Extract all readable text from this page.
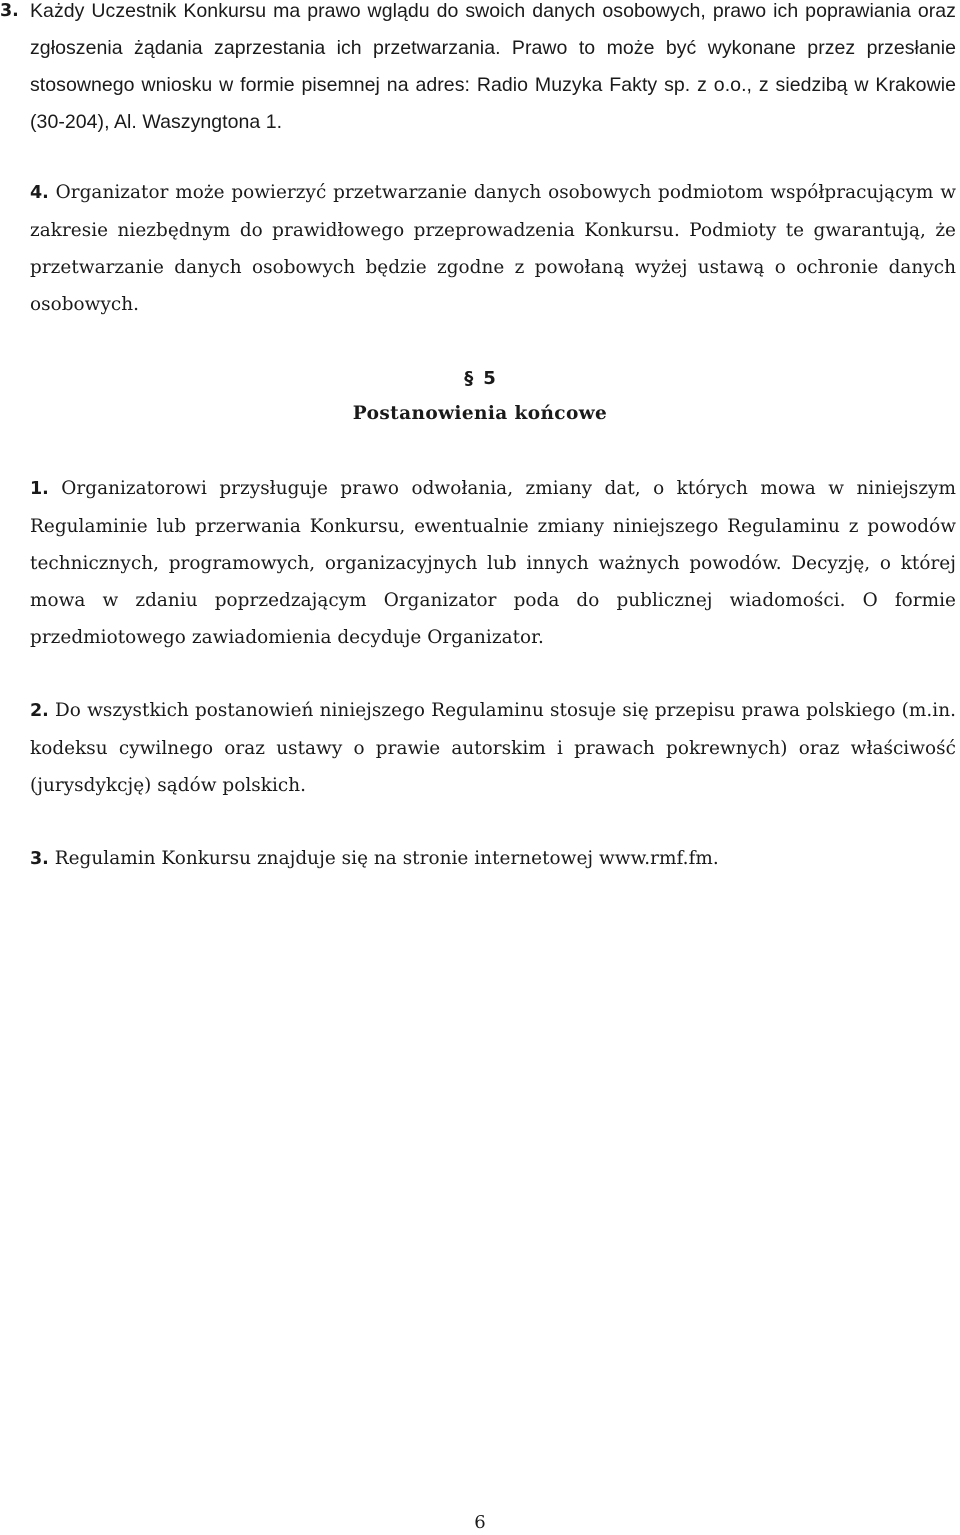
3. Każdy Uczestnik Konkursu ma prawo wglądu do swoich danych osobowych, prawo ich poprawiania oraz zgłoszenia żądania zaprzestania ich przetwarzania. Prawo to może być wykonane przez przesłanie stosownego wniosku w formie pisemnej na adres: Radio Muzyka Fakty sp. z o.o., z siedzibą w Krakowie (30-204), Al. Waszyngtona 1.

4. Organizator może powierzyć przetwarzanie danych osobowych podmiotom współpracującym w zakresie niezbędnym do prawidłowego przeprowadzenia Konkursu. Podmioty te gwarantują, że przetwarzanie danych osobowych będzie zgodne z powołaną wyżej ustawą o ochronie danych osobowych.

§ 5
Postanowienia końcowe

1. Organizatorowi przysługuje prawo odwołania, zmiany dat, o których mowa w niniejszym Regulaminie lub przerwania Konkursu, ewentualnie zmiany niniejszego Regulaminu z powodów technicznych, programowych, organizacyjnych lub innych ważnych powodów. Decyzję, o której mowa w zdaniu poprzedzającym Organizator poda do publicznej wiadomości. O formie przedmiotowego zawiadomienia decyduje Organizator.

2. Do wszystkich postanowień niniejszego Regulaminu stosuje się przepisu prawa polskiego (m.in. kodeksu cywilnego oraz ustawy o prawie autorskim i prawach pokrewnych) oraz właściwość (jurysdykcję) sądów polskich.

3. Regulamin Konkursu znajduje się na stronie internetowej www.rmf.fm.

6
